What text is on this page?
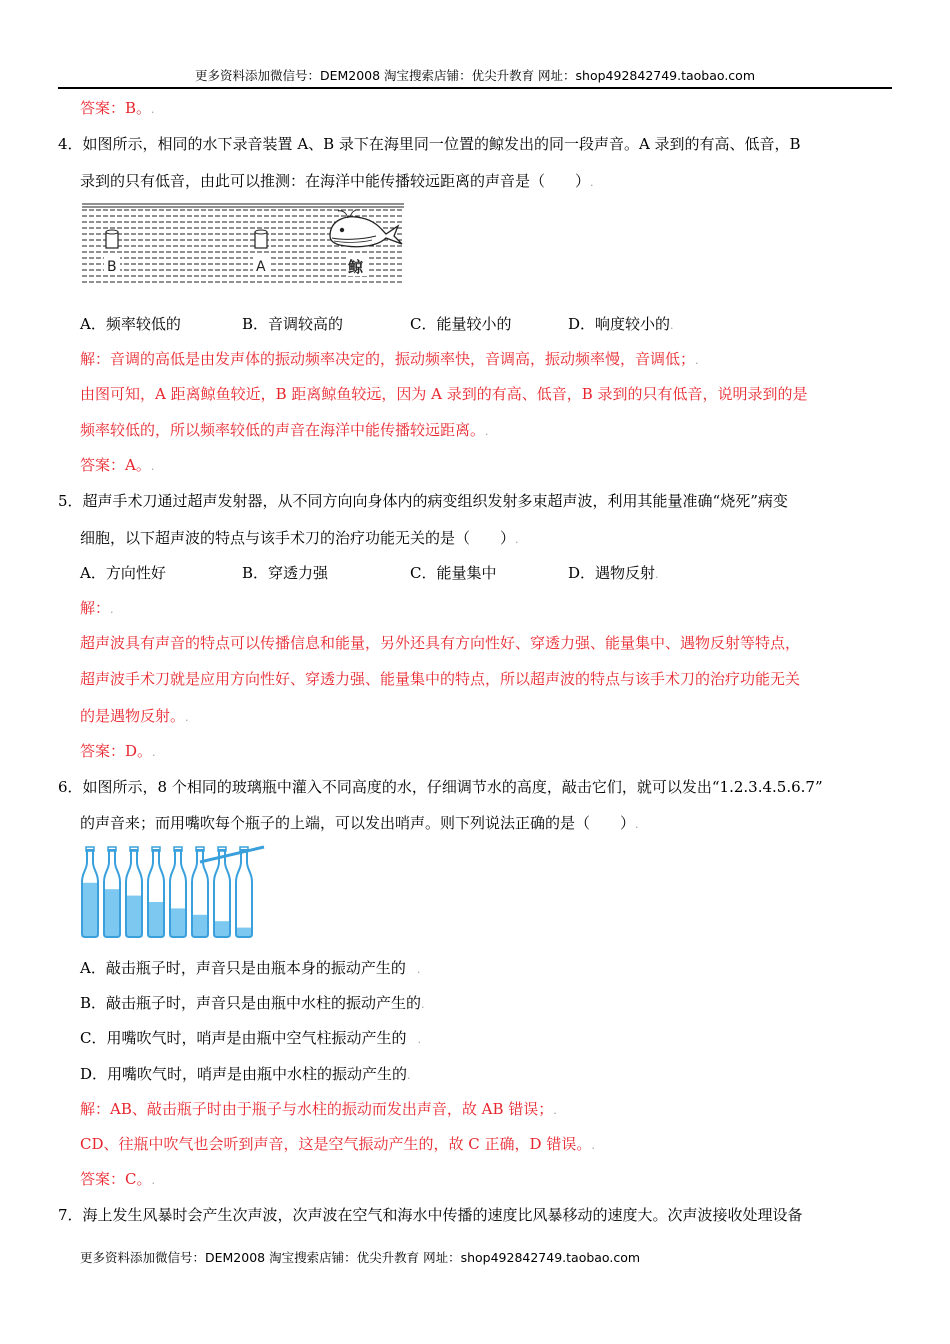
更多资料添加微信号：DEM2008 淘宝搜索店铺：优尖升教育 网址：shop492842749.taobao.com
答案：B。.
4．如图所示，相同的水下录音装置 A、B 录下在海里同一位置的鲸发出的同一段声音。A 录到的有高、低音，B
录到的只有低音，由此可以推测：在海洋中能传播较远距离的声音是（　　）.
B	A	鲸
A．频率较低的	B．音调较高的	C．能量较小的	D．响度较小的.
解：音调的高低是由发声体的振动频率决定的，振动频率快，音调高，振动频率慢，音调低；.
由图可知，A 距离鲸鱼较近，B 距离鲸鱼较远，因为 A 录到的有高、低音，B 录到的只有低音，说明录到的是
频率较低的，所以频率较低的声音在海洋中能传播较远距离。.
答案：A。.
5．超声手术刀通过超声发射器，从不同方向向身体内的病变组织发射多束超声波，利用其能量准确“烧死”病变
细胞，以下超声波的特点与该手术刀的治疗功能无关的是（　　）.
A．方向性好	B．穿透力强	C．能量集中	D．遇物反射.
解：.
超声波具有声音的特点可以传播信息和能量，另外还具有方向性好、穿透力强、能量集中、遇物反射等特点，
超声波手术刀就是应用方向性好、穿透力强、能量集中的特点，所以超声波的特点与该手术刀的治疗功能无关
的是遇物反射。.
答案：D。.
6．如图所示，8 个相同的玻璃瓶中灌入不同高度的水，仔细调节水的高度，敲击它们，就可以发出“1.2.3.4.5.6.7”
的声音来；而用嘴吹每个瓶子的上端，可以发出哨声。则下列说法正确的是（　　）.
A．敲击瓶子时，声音只是由瓶本身的振动产生的　.
B．敲击瓶子时，声音只是由瓶中水柱的振动产生的.
C．用嘴吹气时，哨声是由瓶中空气柱振动产生的　.
D．用嘴吹气时，哨声是由瓶中水柱的振动产生的.
解：AB、敲击瓶子时由于瓶子与水柱的振动而发出声音，故 AB 错误；.
CD、往瓶中吹气也会听到声音，这是空气振动产生的，故 C 正确，D 错误。.
答案：C。.
7．海上发生风暴时会产生次声波，次声波在空气和海水中传播的速度比风暴移动的速度大。次声波接收处理设备
更多资料添加微信号：DEM2008 淘宝搜索店铺：优尖升教育 网址：shop492842749.taobao.com
